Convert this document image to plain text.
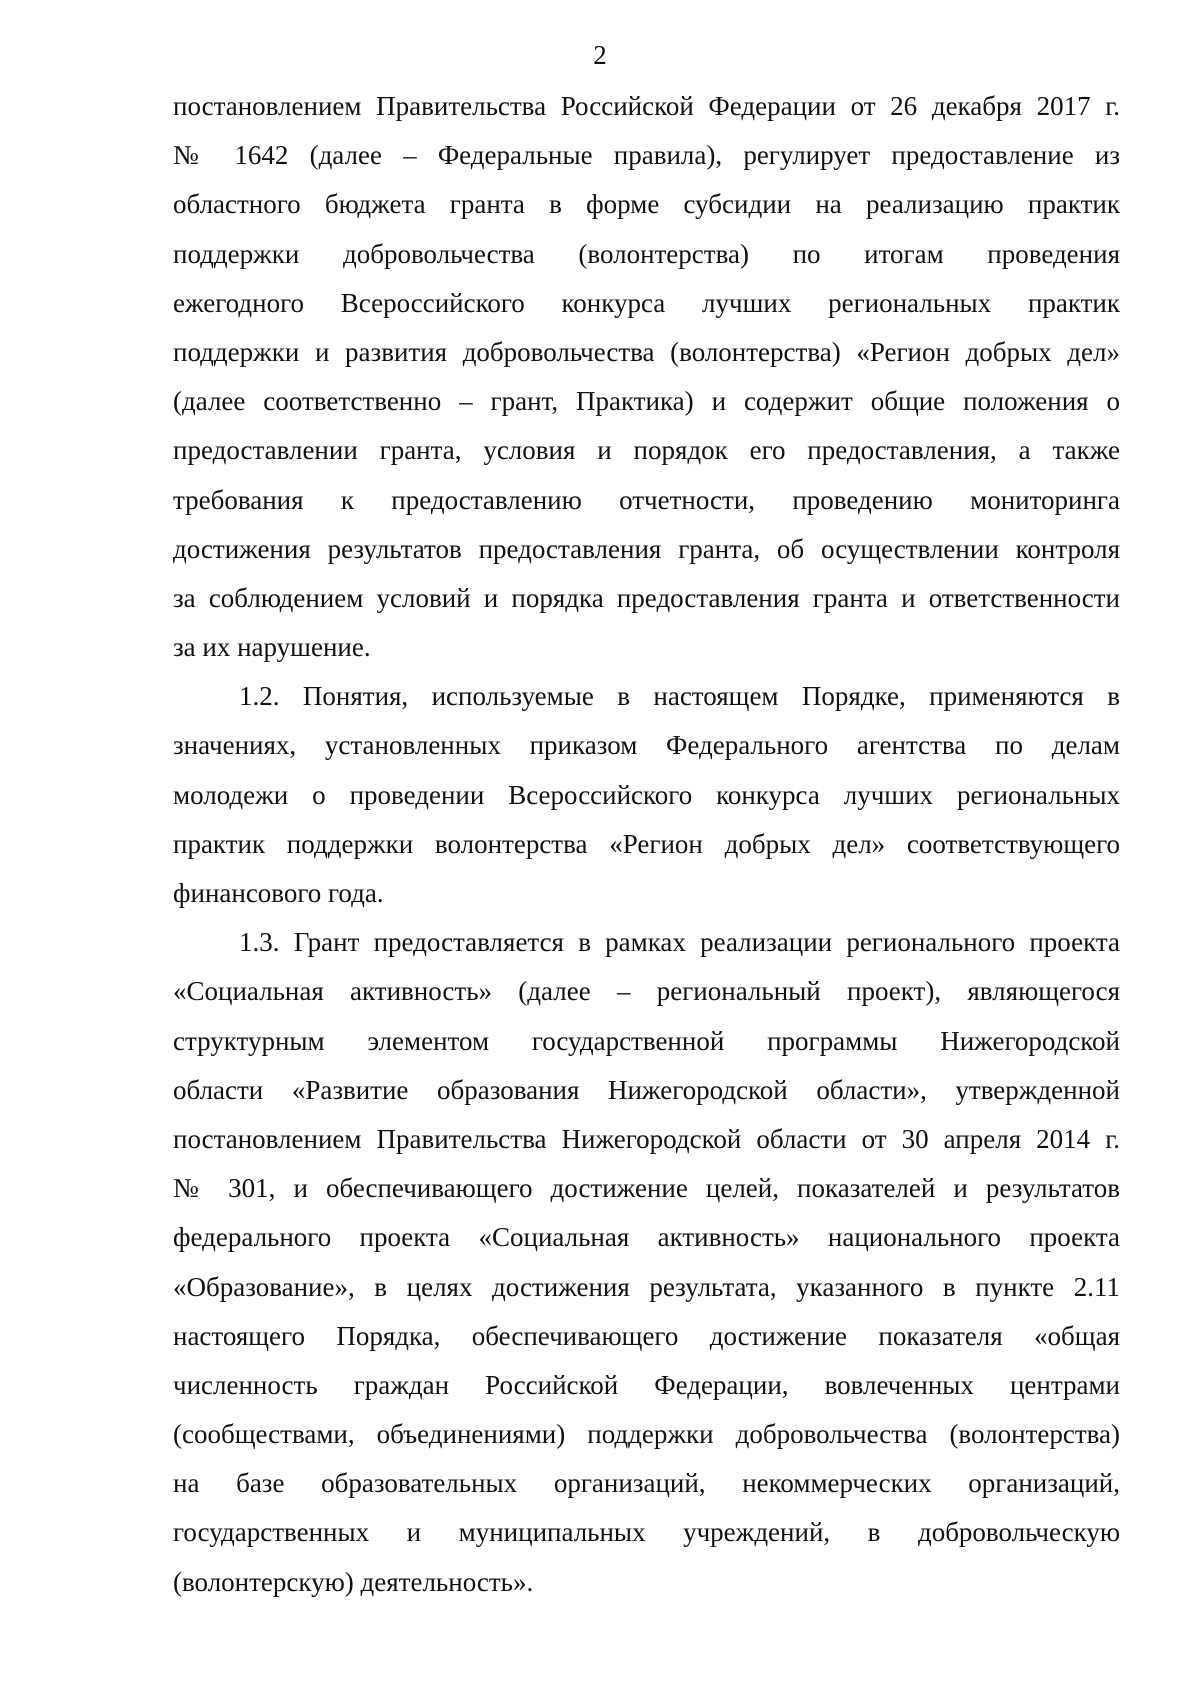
2
постановлением Правительства Российской Федерации от 26 декабря 2017 г.
№ 1642 (далее – Федеральные правила), регулирует предоставление из
областного бюджета гранта в форме субсидии на реализацию практик
поддержки добровольчества (волонтерства) по итогам проведения
ежегодного Всероссийского конкурса лучших региональных практик
поддержки и развития добровольчества (волонтерства) «Регион добрых дел»
(далее соответственно – грант, Практика) и содержит общие положения о
предоставлении гранта, условия и порядок его предоставления, а также
требования к предоставлению отчетности, проведению мониторинга
достижения результатов предоставления гранта, об осуществлении контроля
за соблюдением условий и порядка предоставления гранта и ответственности
за их нарушение.
1.2. Понятия, используемые в настоящем Порядке, применяются в
значениях, установленных приказом Федерального агентства по делам
молодежи о проведении Всероссийского конкурса лучших региональных
практик поддержки волонтерства «Регион добрых дел» соответствующего
финансового года.
1.3. Грант предоставляется в рамках реализации регионального проекта
«Социальная активность» (далее – региональный проект), являющегося
структурным элементом государственной программы Нижегородской
области «Развитие образования Нижегородской области», утвержденной
постановлением Правительства Нижегородской области от 30 апреля 2014 г.
№ 301, и обеспечивающего достижение целей, показателей и результатов
федерального проекта «Социальная активность» национального проекта
«Образование», в целях достижения результата, указанного в пункте 2.11
настоящего Порядка, обеспечивающего достижение показателя «общая
численность граждан Российской Федерации, вовлеченных центрами
(сообществами, объединениями) поддержки добровольчества (волонтерства)
на базе образовательных организаций, некоммерческих организаций,
государственных и муниципальных учреждений, в добровольческую
(волонтерскую) деятельность».
